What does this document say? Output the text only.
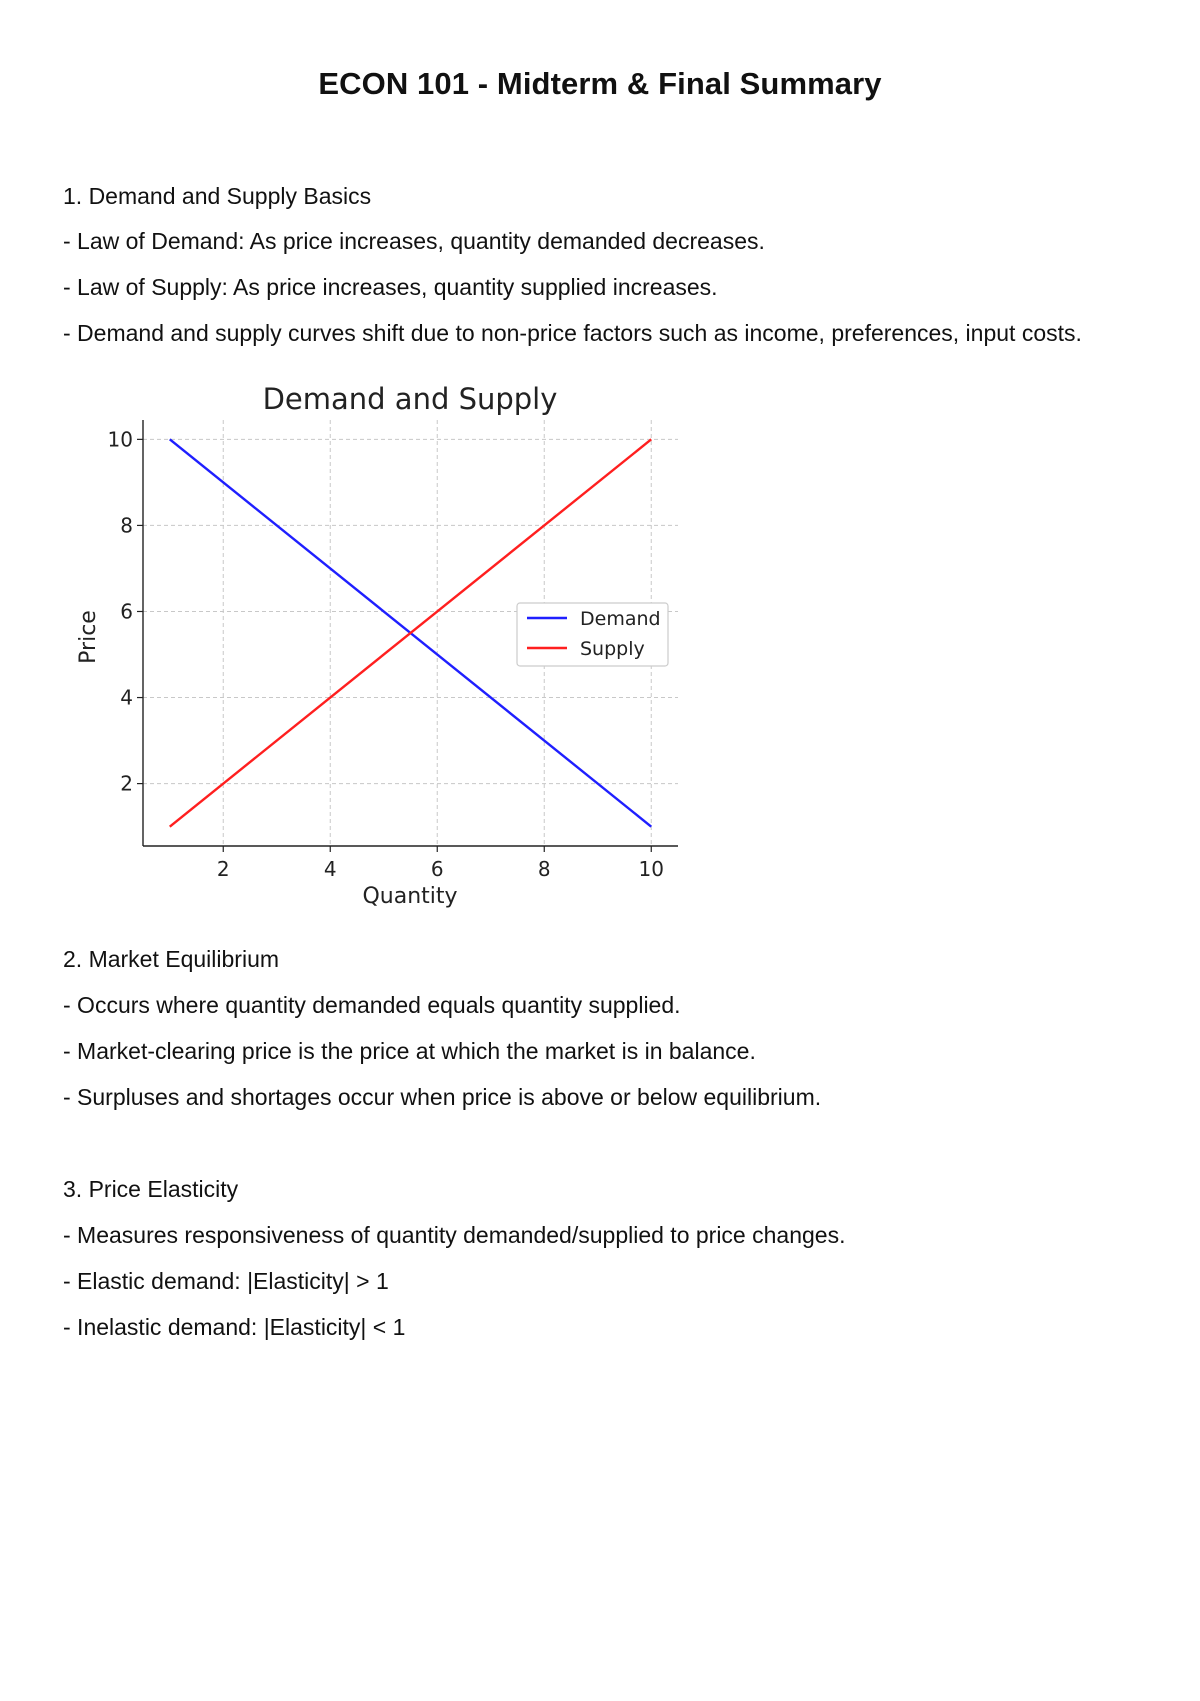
ECON 101 - Midterm & Final Summary
1. Demand and Supply Basics
- Law of Demand: As price increases, quantity demanded decreases.
- Law of Supply: As price increases, quantity supplied increases.
- Demand and supply curves shift due to non-price factors such as income, preferences, input costs.
Demand and Supply
2	4	6	8	10
2
4
6
8
10
Quantity
Price	Demand
Supply
2. Market Equilibrium
- Occurs where quantity demanded equals quantity supplied.
- Market-clearing price is the price at which the market is in balance.
- Surpluses and shortages occur when price is above or below equilibrium.
3. Price Elasticity
- Measures responsiveness of quantity demanded/supplied to price changes.
- Elastic demand: |Elasticity| > 1
- Inelastic demand: |Elasticity| < 1
